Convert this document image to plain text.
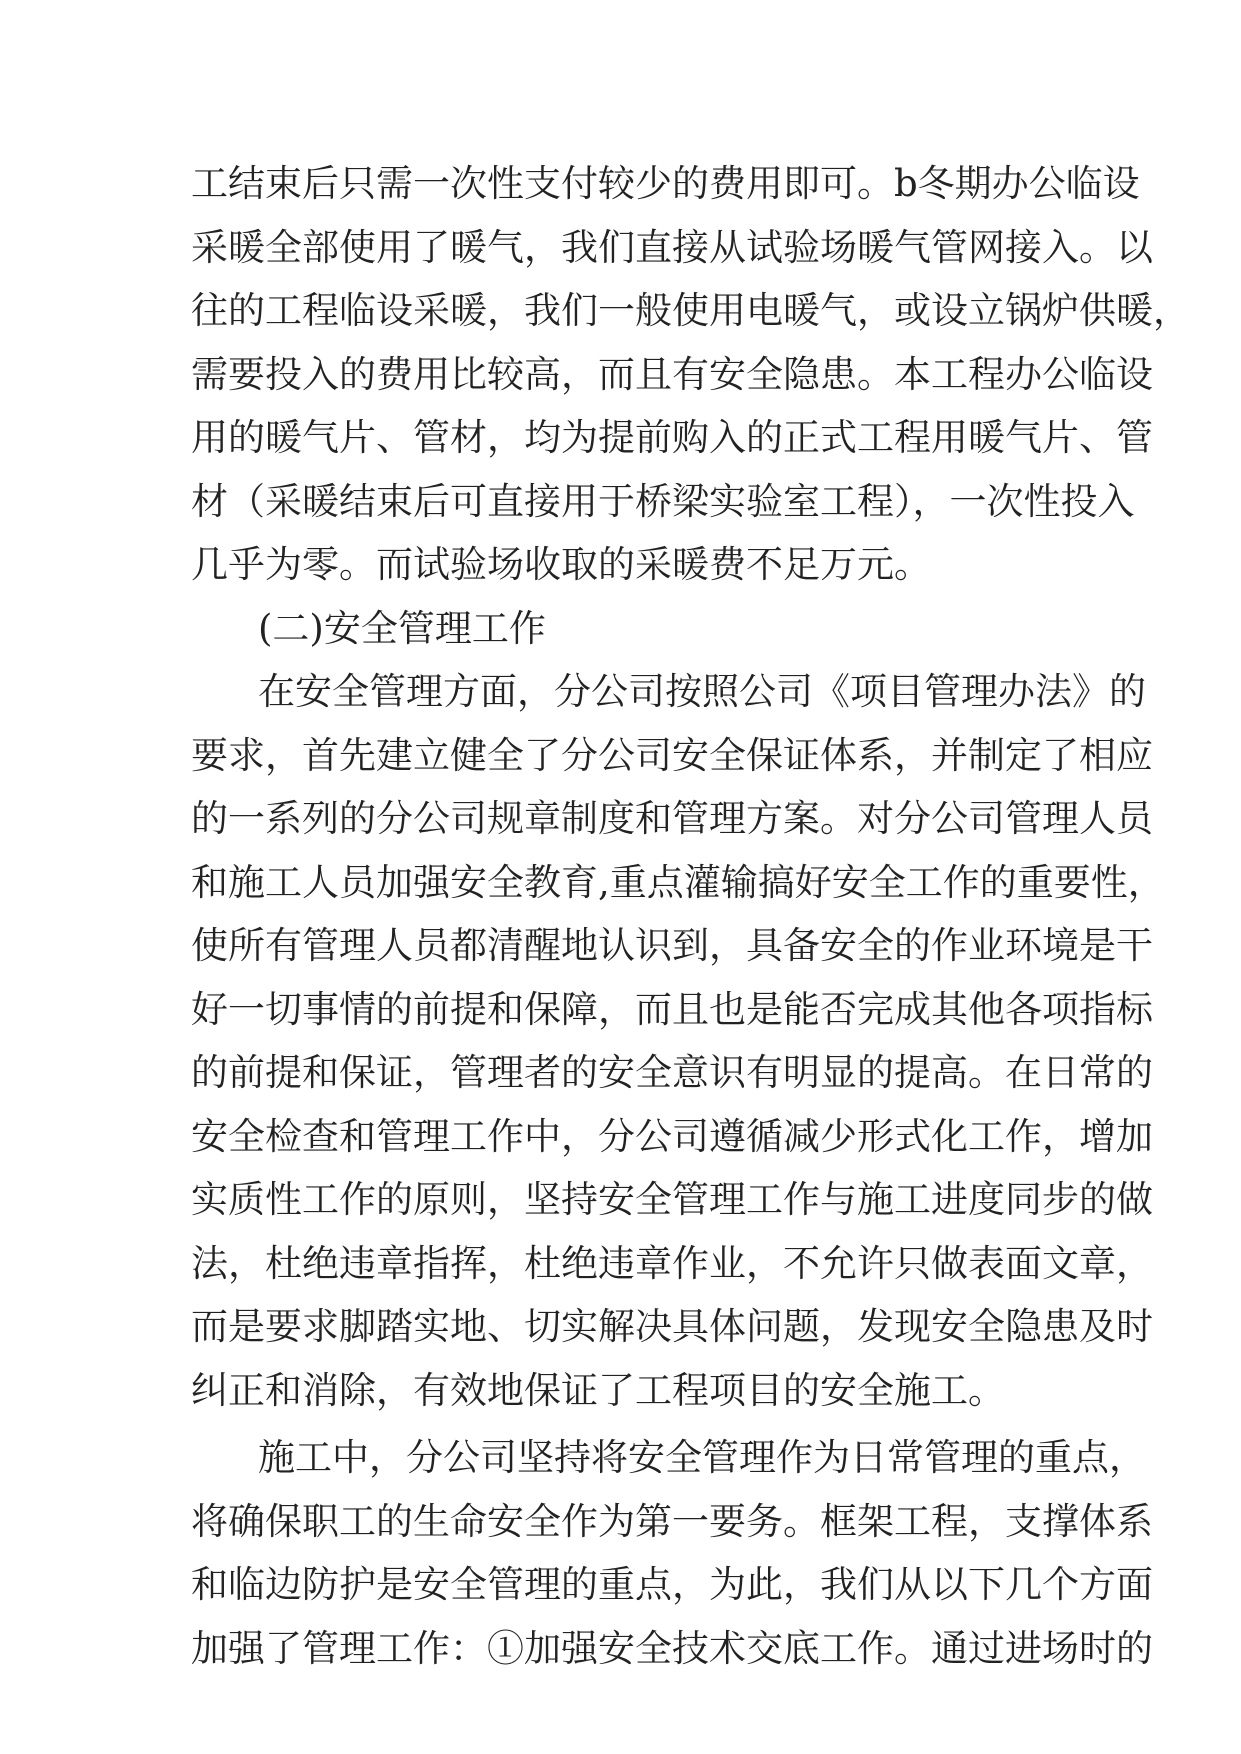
工结束后只需一次性支付较少的费用即可。b冬期办公临设
采暖全部使用了暖气，我们直接从试验场暖气管网接入。以
往的工程临设采暖，我们一般使用电暖气，或设立锅炉供暖，
需要投入的费用比较高，而且有安全隐患。本工程办公临设
用的暖气片、管材，均为提前购入的正式工程用暖气片、管
材（采暖结束后可直接用于桥梁实验室工程），一次性投入
几乎为零。而试验场收取的采暖费不足万元。
(二)安全管理工作
在安全管理方面，分公司按照公司《项目管理办法》的
要求，首先建立健全了分公司安全保证体系，并制定了相应
的一系列的分公司规章制度和管理方案。对分公司管理人员
和施工人员加强安全教育,重点灌输搞好安全工作的重要性，
使所有管理人员都清醒地认识到，具备安全的作业环境是干
好一切事情的前提和保障，而且也是能否完成其他各项指标
的前提和保证，管理者的安全意识有明显的提高。在日常的
安全检查和管理工作中，分公司遵循减少形式化工作，增加
实质性工作的原则，坚持安全管理工作与施工进度同步的做
法，杜绝违章指挥，杜绝违章作业，不允许只做表面文章，
而是要求脚踏实地、切实解决具体问题，发现安全隐患及时
纠正和消除，有效地保证了工程项目的安全施工。
施工中，分公司坚持将安全管理作为日常管理的重点，
将确保职工的生命安全作为第一要务。框架工程，支撑体系
和临边防护是安全管理的重点，为此，我们从以下几个方面
加强了管理工作：①加强安全技术交底工作。通过进场时的
